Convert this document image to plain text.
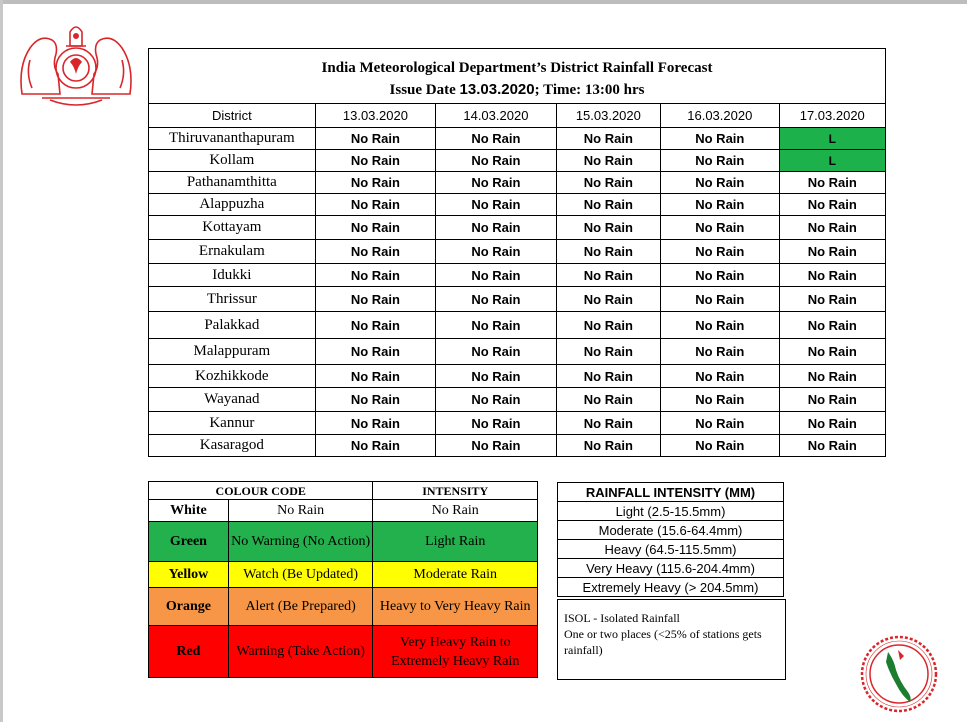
India Meteorological Department’s District Rainfall Forecast					
Issue Date 13.03.2020; Time: 13:00 hrs					
District	13.03.2020	14.03.2020	15.03.2020	16.03.2020	17.03.2020
Thiruvananthapuram	No Rain	No Rain	No Rain	No Rain	L
Kollam	No Rain	No Rain	No Rain	No Rain	L
Pathanamthitta	No Rain	No Rain	No Rain	No Rain	No Rain
Alappuzha	No Rain	No Rain	No Rain	No Rain	No Rain
Kottayam	No Rain	No Rain	No Rain	No Rain	No Rain
Ernakulam	No Rain	No Rain	No Rain	No Rain	No Rain
Idukki	No Rain	No Rain	No Rain	No Rain	No Rain
Thrissur	No Rain	No Rain	No Rain	No Rain	No Rain
Palakkad	No Rain	No Rain	No Rain	No Rain	No Rain
Malappuram	No Rain	No Rain	No Rain	No Rain	No Rain
Kozhikkode	No Rain	No Rain	No Rain	No Rain	No Rain
Wayanad	No Rain	No Rain	No Rain	No Rain	No Rain
Kannur	No Rain	No Rain	No Rain	No Rain	No Rain
Kasaragod	No Rain	No Rain	No Rain	No Rain	No Rain
COLOUR CODE		INTENSITY
White	No Rain	No Rain
Green	No Warning (No Action)	Light Rain
Yellow	Watch (Be Updated)	Moderate Rain
Orange	Alert (Be Prepared)	Heavy to Very Heavy Rain
Red	Warning (Take Action)	Very Heavy Rain to Extremely Heavy Rain
RAINFALL INTENSITY (MM)
Light (2.5-15.5mm)
Moderate (15.6-64.4mm)
Heavy (64.5-115.5mm)
Very Heavy (115.6-204.4mm)
Extremely Heavy (> 204.5mm)
ISOL - Isolated Rainfall
One or two places (<25% of stations gets rainfall)
